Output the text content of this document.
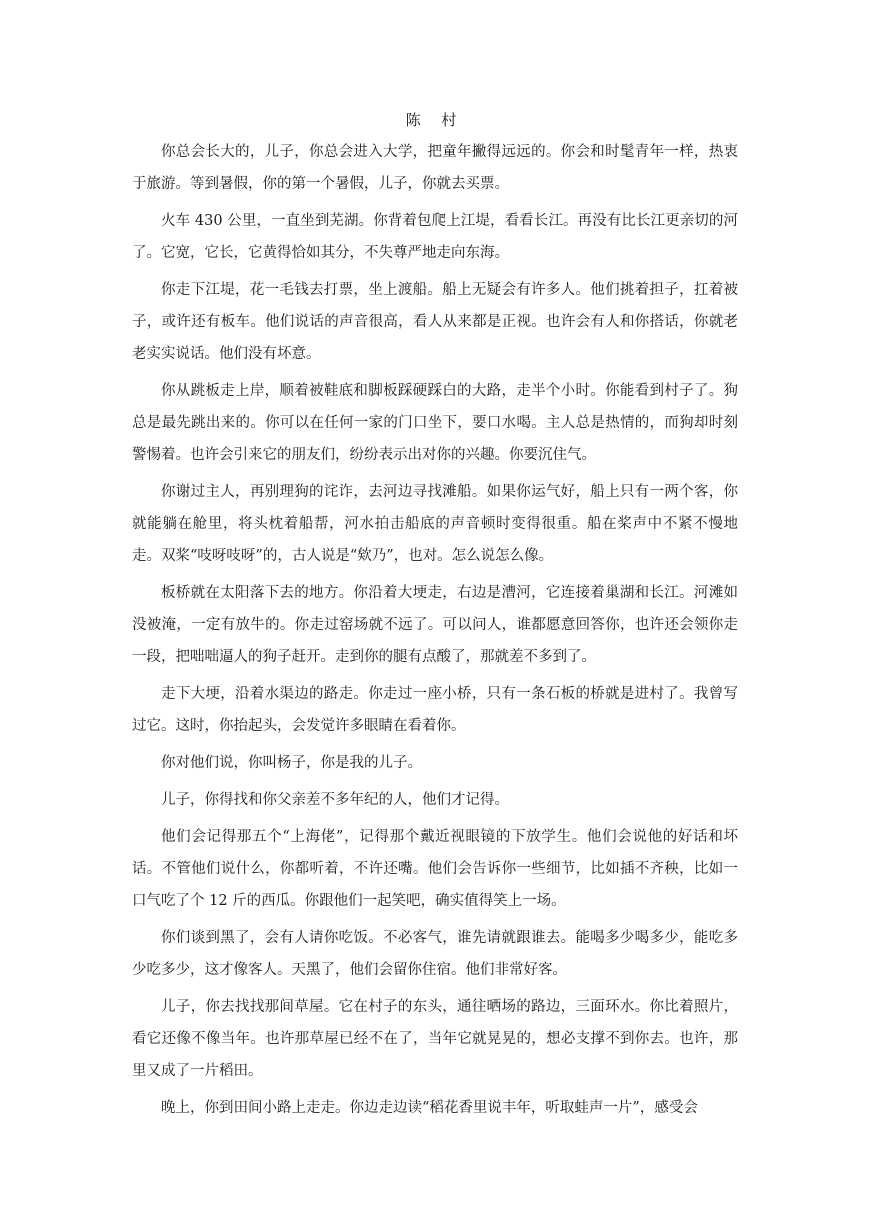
陈 村

你总会长大的，儿子，你总会进入大学，把童年撇得远远的。你会和时髦青年一样，热衷于旅游。等到暑假，你的第一个暑假，儿子，你就去买票。

火车 430 公里，一直坐到芜湖。你背着包爬上江堤，看看长江。再没有比长江更亲切的河了。它宽，它长，它黄得恰如其分，不失尊严地走向东海。

你走下江堤，花一毛钱去打票，坐上渡船。船上无疑会有许多人。他们挑着担子，扛着被子，或许还有板车。他们说话的声音很高，看人从来都是正视。也许会有人和你搭话，你就老老实实说话。他们没有坏意。

你从跳板走上岸，顺着被鞋底和脚板踩硬踩白的大路，走半个小时。你能看到村子了。狗总是最先跳出来的。你可以在任何一家的门口坐下，要口水喝。主人总是热情的，而狗却时刻警惕着。也许会引来它的朋友们，纷纷表示出对你的兴趣。你要沉住气。

你谢过主人，再别理狗的诧诈，去河边寻找滩船。如果你运气好，船上只有一两个客，你就能躺在舱里，将头枕着船帮，河水拍击船底的声音顿时变得很重。船在桨声中不紧不慢地走。双桨“吱呀吱呀”的，古人说是“欸乃”，也对。怎么说怎么像。

板桥就在太阳落下去的地方。你沿着大埂走，右边是漕河，它连接着巢湖和长江。河滩如没被淹，一定有放牛的。你走过窑场就不远了。可以问人，谁都愿意回答你，也许还会领你走一段，把咄咄逼人的狗子赶开。走到你的腿有点酸了，那就差不多到了。

走下大埂，沿着水渠边的路走。你走过一座小桥，只有一条石板的桥就是进村了。我曾写过它。这时，你抬起头，会发觉许多眼睛在看着你。

你对他们说，你叫杨子，你是我的儿子。

儿子，你得找和你父亲差不多年纪的人，他们才记得。

他们会记得那五个“上海佬”，记得那个戴近视眼镜的下放学生。他们会说他的好话和坏话。不管他们说什么，你都听着，不许还嘴。他们会告诉你一些细节，比如插不齐秧，比如一口气吃了个 12 斤的西瓜。你跟他们一起笑吧，确实值得笑上一场。

你们谈到黑了，会有人请你吃饭。不必客气，谁先请就跟谁去。能喝多少喝多少，能吃多少吃多少，这才像客人。天黑了，他们会留你住宿。他们非常好客。

儿子，你去找找那间草屋。它在村子的东头，通往晒场的路边，三面环水。你比着照片，看它还像不像当年。也许那草屋已经不在了，当年它就晃晃的，想必支撑不到你去。也许，那里又成了一片稻田。

晚上，你到田间小路上走走。你边走边读“稻花香里说丰年，听取蛙声一片”，感受会
